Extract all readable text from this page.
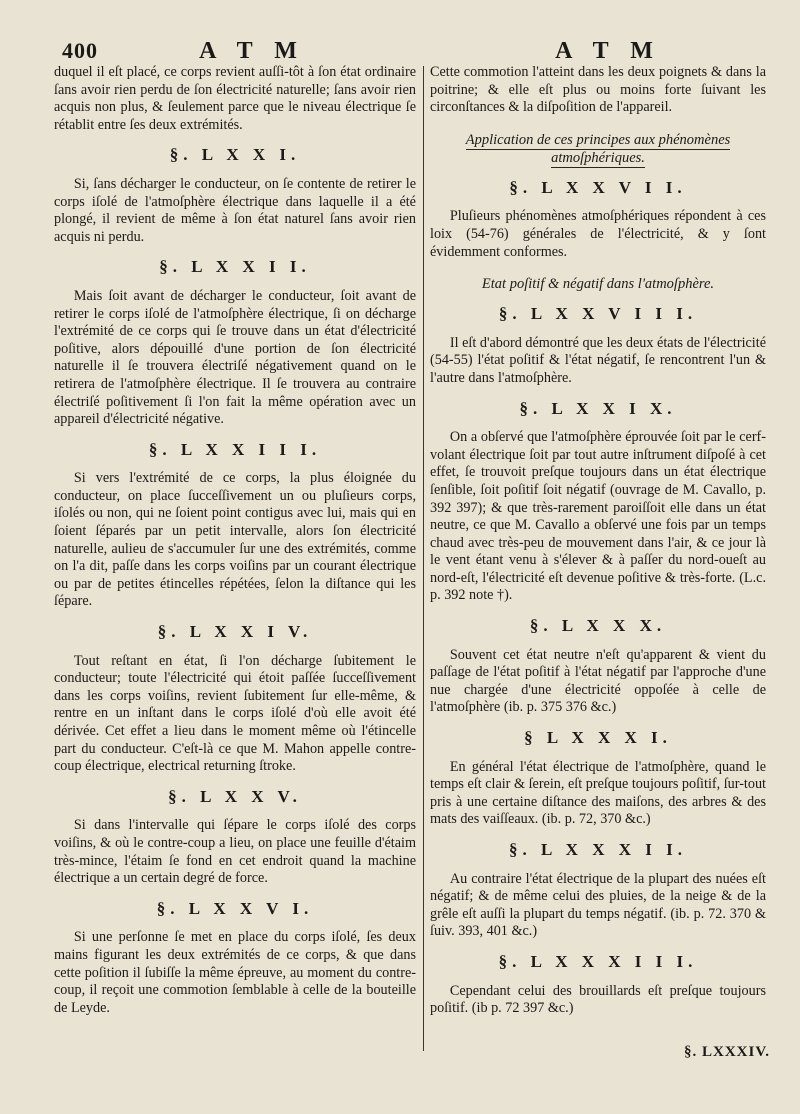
400	A T M	A T M

duquel il eſt placé, ce corps revient auſſi-tôt à ſon état ordinaire ſans avoir rien perdu de ſon électricité naturelle; ſans avoir rien acquis non plus, & ſeulement parce que le niveau électrique ſe rétablit entre ſes deux extrémités.

§. L X X I.

Si, ſans décharger le conducteur, on ſe contente de retirer le corps iſolé de l'atmoſphère électrique dans laquelle il a été plongé, il revient de même à ſon état naturel ſans avoir rien acquis ni perdu.

§. L X X I I.

Mais ſoit avant de décharger le conducteur, ſoit avant de retirer le corps iſolé de l'atmoſphère électrique, ſi on décharge l'extrémité de ce corps qui ſe trouve dans un état d'électricité poſitive, alors dépouillé d'une portion de ſon électricité naturelle il ſe trouvera électriſé négativement quand on le retirera de l'atmoſphère électrique. Il ſe trouvera au contraire électriſé poſitivement ſi l'on fait la même opération avec un appareil d'électricité négative.

§. L X X I I I.

Si vers l'extrémité de ce corps, la plus éloignée du conducteur, on place ſucceſſivement un ou pluſieurs corps, iſolés ou non, qui ne ſoient point contigus avec lui, mais qui en ſoient ſéparés par un petit intervalle, alors ſon électricité naturelle, aulieu de s'accumuler ſur une des extrémités, comme on l'a dit, paſſe dans les corps voiſins par un courant électrique ou par de petites étincelles répétées, ſelon la diſtance qui les ſépare.

§. L X X I V.

Tout reſtant en état, ſi l'on décharge ſubitement le conducteur; toute l'électricité qui étoit paſſée ſucceſſivement dans les corps voiſins, revient ſubitement ſur elle-même, & rentre en un inſtant dans le corps iſolé d'où elle avoit été dérivée. Cet effet a lieu dans le moment même où l'étincelle part du conducteur. C'eſt-là ce que M. Mahon appelle contre-coup électrique, electrical returning ſtroke.

§. L X X V.

Si dans l'intervalle qui ſépare le corps iſolé des corps voiſins, & où le contre-coup a lieu, on place une feuille d'étaim très-mince, l'étaim ſe fond en cet endroit quand la machine électrique a un certain degré de force.

§. L X X V I.

Si une perſonne ſe met en place du corps iſolé, ſes deux mains figurant les deux extrémités de ce corps, & que dans cette poſition il ſubiſſe la même épreuve, au moment du contre-coup, il reçoit une commotion ſemblable à celle de la bouteille de Leyde.

Cette commotion l'atteint dans les deux poignets & dans la poitrine; & elle eſt plus ou moins forte ſuivant les circonſtances & la diſpoſition de l'appareil.

Application de ces principes aux phénomènes atmoſphériques.
§. L X X V I I.

Pluſieurs phénomènes atmoſphériques répondent à ces loix (54-76) générales de l'électricité, & y ſont évidemment conformes.

Etat poſitif & négatif dans l'atmoſphère.
§. L X X V I I I.

Il eſt d'abord démontré que les deux états de l'électricité (54-55) l'état poſitif & l'état négatif, ſe rencontrent l'un & l'autre dans l'atmoſphère.

§. L X X I X.

On a obſervé que l'atmoſphère éprouvée ſoit par le cerf-volant électrique ſoit par tout autre inſtrument diſpoſé à cet effet, ſe trouvoit preſque toujours dans un état électrique ſenſible, ſoit poſitif ſoit négatif (ouvrage de M. Cavallo, p. 392 397); & que très-rarement paroiſſoit elle dans un état neutre, ce que M. Cavallo a obſervé une fois par un temps chaud avec très-peu de mouvement dans l'air, & ce jour là le vent étant venu à s'élever & à paſſer du nord-oueſt au nord-eſt, l'électricité eſt devenue poſitive & très-forte. (L.c. p. 392 note †).

§. L X X X.

Souvent cet état neutre n'eſt qu'apparent & vient du paſſage de l'état poſitif à l'état négatif par l'approche d'une nue chargée d'une électricité oppoſée à celle de l'atmoſphère (ib. p. 375 376 &c.)

§ L X X X I.

En général l'état électrique de l'atmoſphère, quand le temps eſt clair & ſerein, eſt preſque toujours poſitif, ſur-tout pris à une certaine diſtance des maiſons, des arbres & des mats des vaiſſeaux. (ib. p. 72, 370 &c.)

§. L X X X I I.

Au contraire l'état électrique de la plupart des nuées eſt négatif; & de même celui des pluies, de la neige & de la grêle eſt auſſi la plupart du temps négatif. (ib. p. 72. 370 & ſuiv. 393, 401 &c.)

§. L X X X I I I.

Cependant celui des brouillards eſt preſque toujours poſitif. (ib p. 72 397 &c.)

§. LXXXIV.
